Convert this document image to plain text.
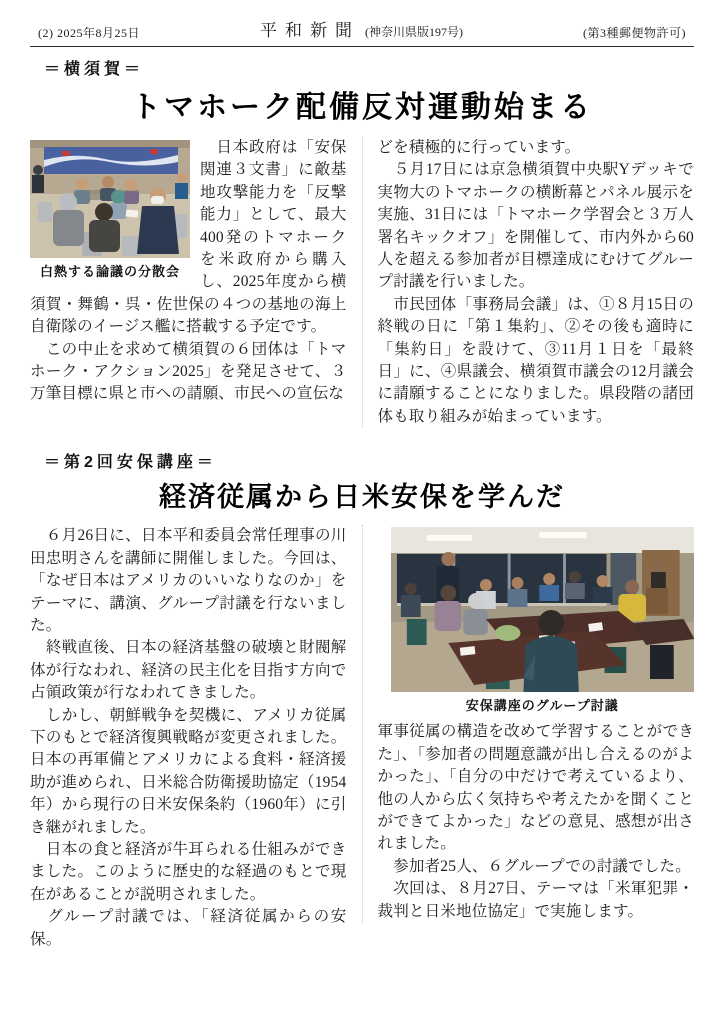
(2) 2025年8月25日	平和新聞 (神奈川県版197号)	(第3種郵便物許可)
＝横須賀＝
トマホーク配備反対運動始まる
白熱する論議の分散会

　日本政府は「安保関連３文書」に敵基地攻撃能力を「反撃能力」として、最大400発のトマホークを米政府から購入し、2025年度から横須賀・舞鶴・呉・佐世保の４つの基地の海上自衛隊のイージス艦に搭載する予定です。

　この中止を求めて横須賀の６団体は「トマホーク・アクション2025」を発足させて、３万筆目標に県と市への請願、市民への宣伝な

どを積極的に行っています。

　５月17日には京急横須賀中央駅Yデッキで実物大のトマホークの横断幕とパネル展示を実施、31日には「トマホーク学習会と３万人署名キックオフ」を開催して、市内外から60人を超える参加者が目標達成にむけてグループ討議を行いました。

　市民団体「事務局会議」は、①８月15日の終戦の日に「第１集約」、②その後も適時に「集約日」を設けて、③11月１日を「最終日」に、④県議会、横須賀市議会の12月議会に請願することになりました。県段階の諸団体も取り組みが始まっています。

＝第2回安保講座＝
経済従属から日米安保を学んだ

　６月26日に、日本平和委員会常任理事の川田忠明さんを講師に開催しました。今回は、「なぜ日本はアメリカのいいなりなのか」をテーマに、講演、グループ討議を行ないました。

　終戦直後、日本の経済基盤の破壊と財閥解体が行なわれ、経済の民主化を目指す方向で占領政策が行なわれてきました。

　しかし、朝鮮戦争を契機に、アメリカ従属下のもとで経済復興戦略が変更されました。日本の再軍備とアメリカによる食料・経済援助が進められ、日米総合防衛援助協定（1954年）から現行の日米安保条約（1960年）に引き継がれました。

　日本の食と経済が牛耳られる仕組みができました。このように歴史的な経過のもとで現在があることが説明されました。

　グループ討議では、「経済従属からの安保。

安保講座のグループ討議

軍事従属の構造を改めて学習することができた」、「参加者の問題意識が出し合えるのがよかった」、「自分の中だけで考えているより、他の人から広く気持ちや考えたかを聞くことができてよかった」などの意見、感想が出されました。

　参加者25人、６グループでの討議でした。

　次回は、８月27日、テーマは「米軍犯罪・裁判と日米地位協定」で実施します。
